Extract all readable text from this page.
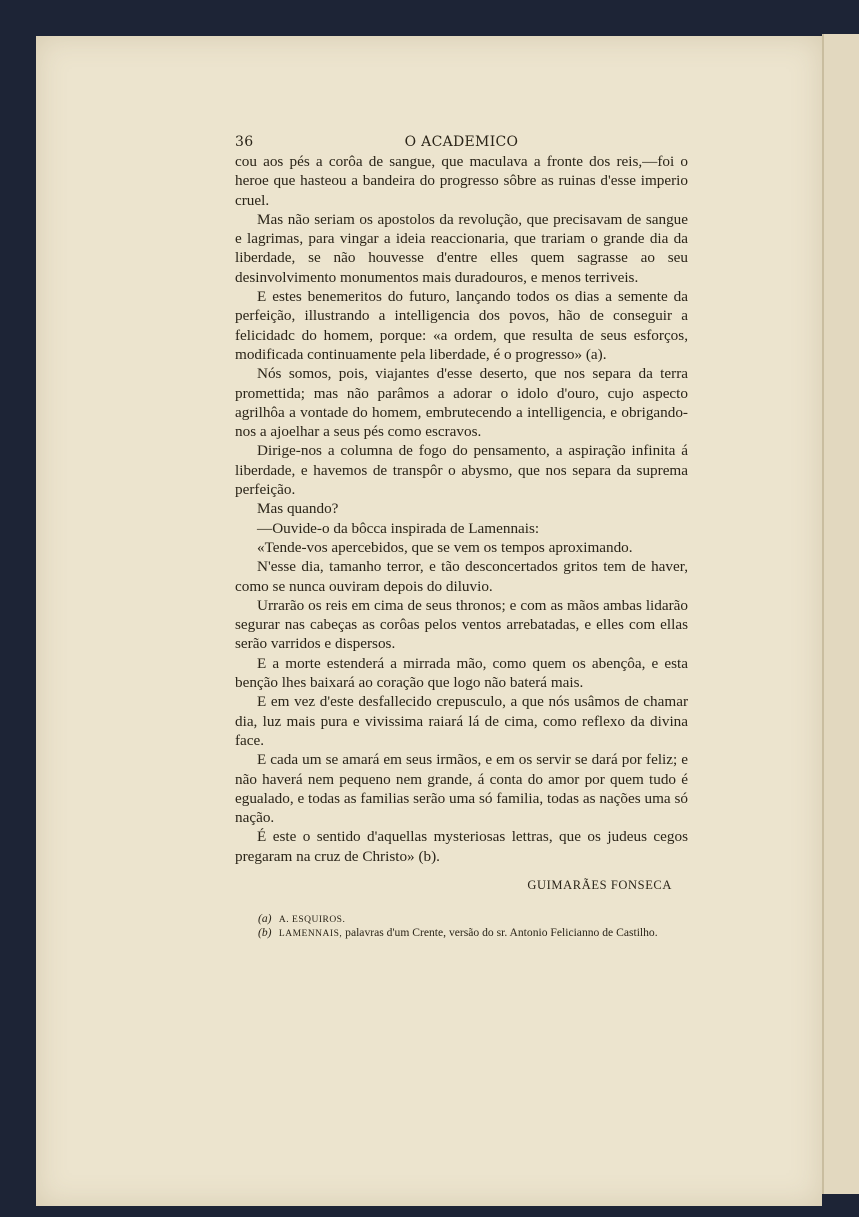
36	O ACADEMICO

cou aos pés a corôa de sangue, que maculava a fronte dos reis,—foi o heroe que hasteou a bandeira do progresso sôbre as ruinas d'esse imperio cruel.

Mas não seriam os apostolos da revolução, que precisavam de sangue e lagrimas, para vingar a ideia reaccionaria, que trariam o grande dia da liberdade, se não houvesse d'entre elles quem sagrasse ao seu desinvolvimento monumentos mais duradouros, e menos terriveis.

E estes benemeritos do futuro, lançando todos os dias a semente da perfeição, illustrando a intelligencia dos povos, hão de conseguir a felicidadc do homem, porque: «a ordem, que resulta de seus esforços, modificada continuamente pela liberdade, é o progresso» (a).

Nós somos, pois, viajantes d'esse deserto, que nos separa da terra promettida; mas não parâmos a adorar o idolo d'ouro, cujo aspecto agrilhôa a vontade do homem, embrutecendo a intelligencia, e obrigando-nos a ajoelhar a seus pés como escravos.

Dirige-nos a columna de fogo do pensamento, a aspiração infinita á liberdade, e havemos de transpôr o abysmo, que nos separa da suprema perfeição.

Mas quando?

—Ouvide-o da bôcca inspirada de Lamennais:

«Tende-vos apercebidos, que se vem os tempos aproximando.

N'esse dia, tamanho terror, e tão desconcertados gritos tem de haver, como se nunca ouviram depois do diluvio.

Urrarão os reis em cima de seus thronos; e com as mãos ambas lidarão segurar nas cabeças as corôas pelos ventos arrebatadas, e elles com ellas serão varridos e dispersos.

E a morte estenderá a mirrada mão, como quem os abençôa, e esta benção lhes baixará ao coração que logo não baterá mais.

E em vez d'este desfallecido crepusculo, a que nós usâmos de chamar dia, luz mais pura e vivissima raiará lá de cima, como reflexo da divina face.

E cada um se amará em seus irmãos, e em os servir se dará por feliz; e não haverá nem pequeno nem grande, á conta do amor por quem tudo é egualado, e todas as familias serão uma só familia, todas as nações uma só nação.

É este o sentido d'aquellas mysteriosas lettras, que os judeus cegos pregaram na cruz de Christo» (b).

GUIMARÃES FONSECA
(a) A. ESQUIROS.
(b) LAMENNAIS, palavras d'um Crente, versão do sr. Antonio Felicianno de Castilho.
